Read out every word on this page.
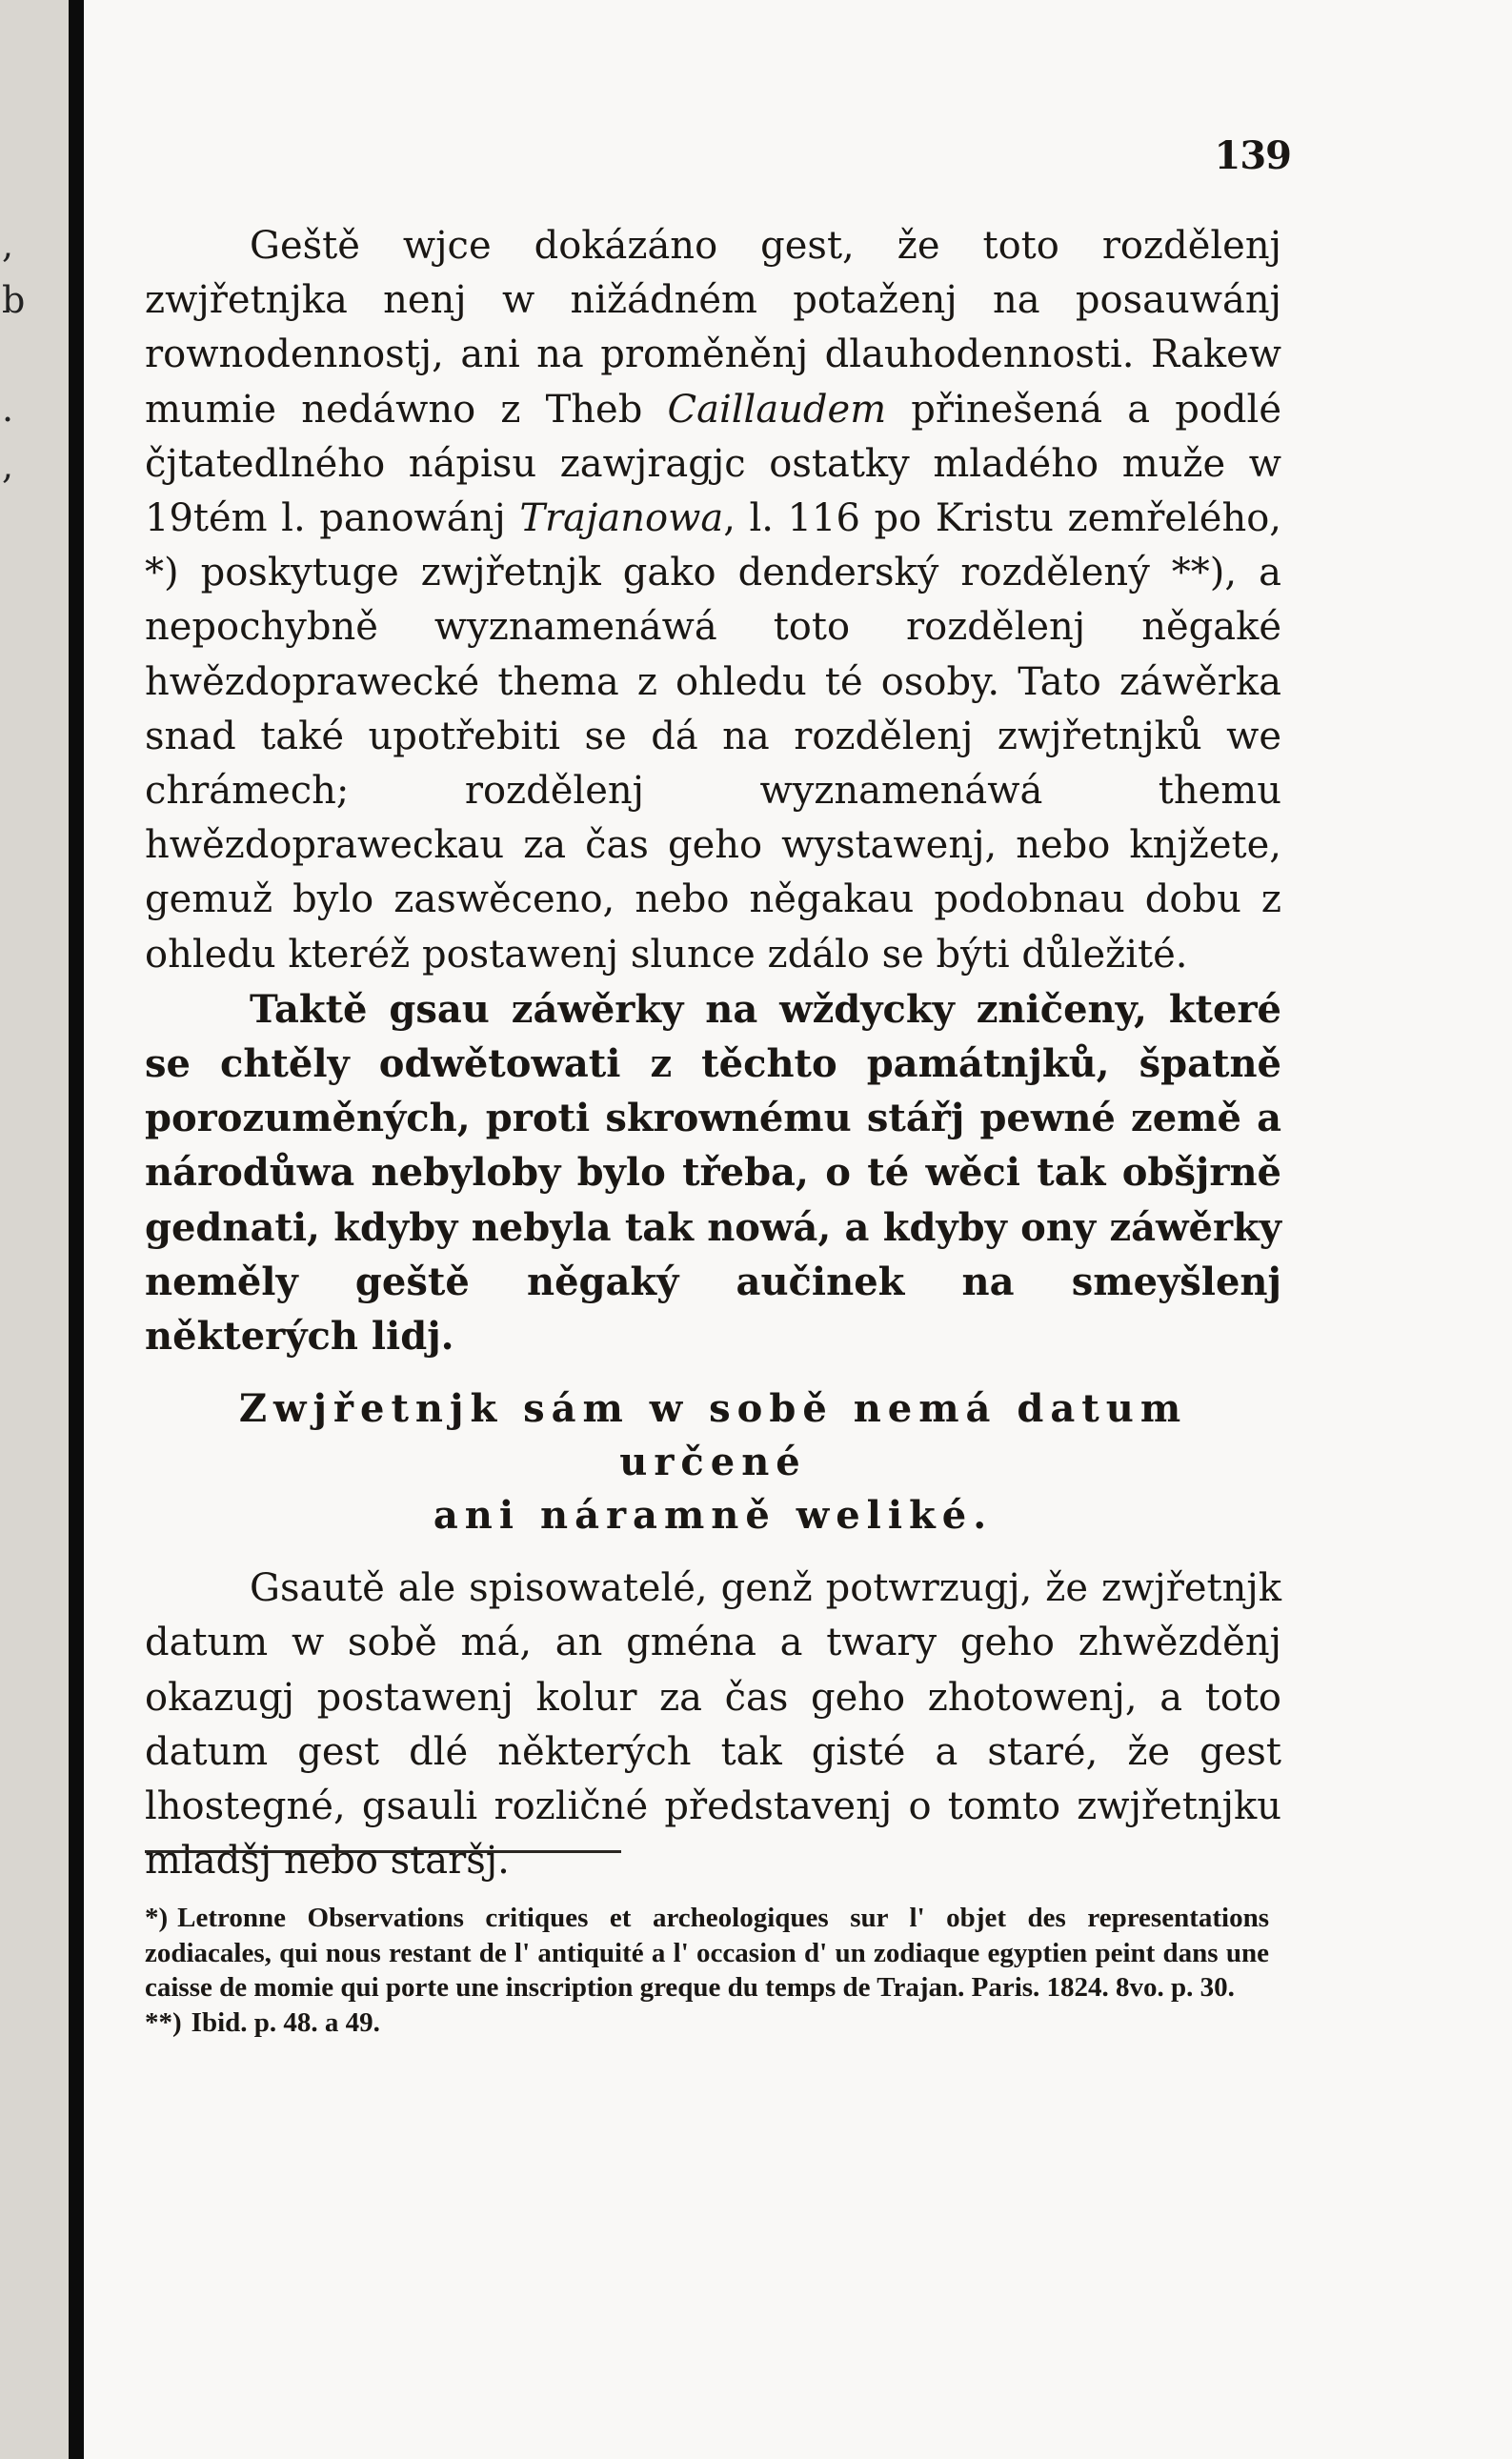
,
b
.
,
139

Geště wjce dokázáno gest, že toto rozdělenj zwjřetnjka nenj w nižádném potaženj na posauwánj rownodennostj, ani na proměněnj dlauhodennosti. Rakew mumie nedáwno z Theb Caillaudem přinešená a podlé čjtatedlného nápisu zawjragjc ostatky mladého muže w 19tém l. panowánj Trajanowa, l. 116 po Kristu zemřelého, *) poskytuge zwjřetnjk gako denderský rozdělený **), a nepochybně wyznamenáwá toto rozdělenj něgaké hwězdoprawecké thema z ohledu té osoby. Tato záwěrka snad také upotřebiti se dá na rozdělenj zwjřetnjků we chrámech; rozdělenj wyznamenáwá themu hwězdopraweckau za čas geho wystawenj, nebo knjžete, gemuž bylo zaswěceno, nebo něgakau podobnau dobu z ohledu kteréž postawenj slunce zdálo se býti důležité.

Taktě gsau záwěrky na wždycky zničeny, které se chtěly odwětowati z těchto památnjků, špatně porozuměných, proti skrownému stářj pewné země a národůwa nebyloby bylo třeba, o té wěci tak obšjrně gednati, kdyby nebyla tak nowá, a kdyby ony záwěrky neměly geště něgaký aučinek na smeyšlenj některých lidj.

Zwjřetnjk sám w sobě nemá datum určené
ani náramně weliké.

Gsautě ale spisowatelé, genž potwrzugj, že zwjřetnjk datum w sobě má, an gména a twary geho zhwězděnj okazugj postawenj kolur za čas geho zhotowenj, a toto datum gest dlé některých tak gisté a staré, že gest lhostegné, gsauli rozličné představenj o tomto zwjřetnjku mladšj nebo staršj.

*) Letronne Observations critiques et archeologiques sur l' objet des representations zodiacales, qui nous restant de l' antiquité a l' occasion d' un zodiaque egyptien peint dans une caisse de momie qui porte une inscription greque du temps de Trajan. Paris. 1824. 8vo. p. 30.

**) Ibid. p. 48. a 49.
